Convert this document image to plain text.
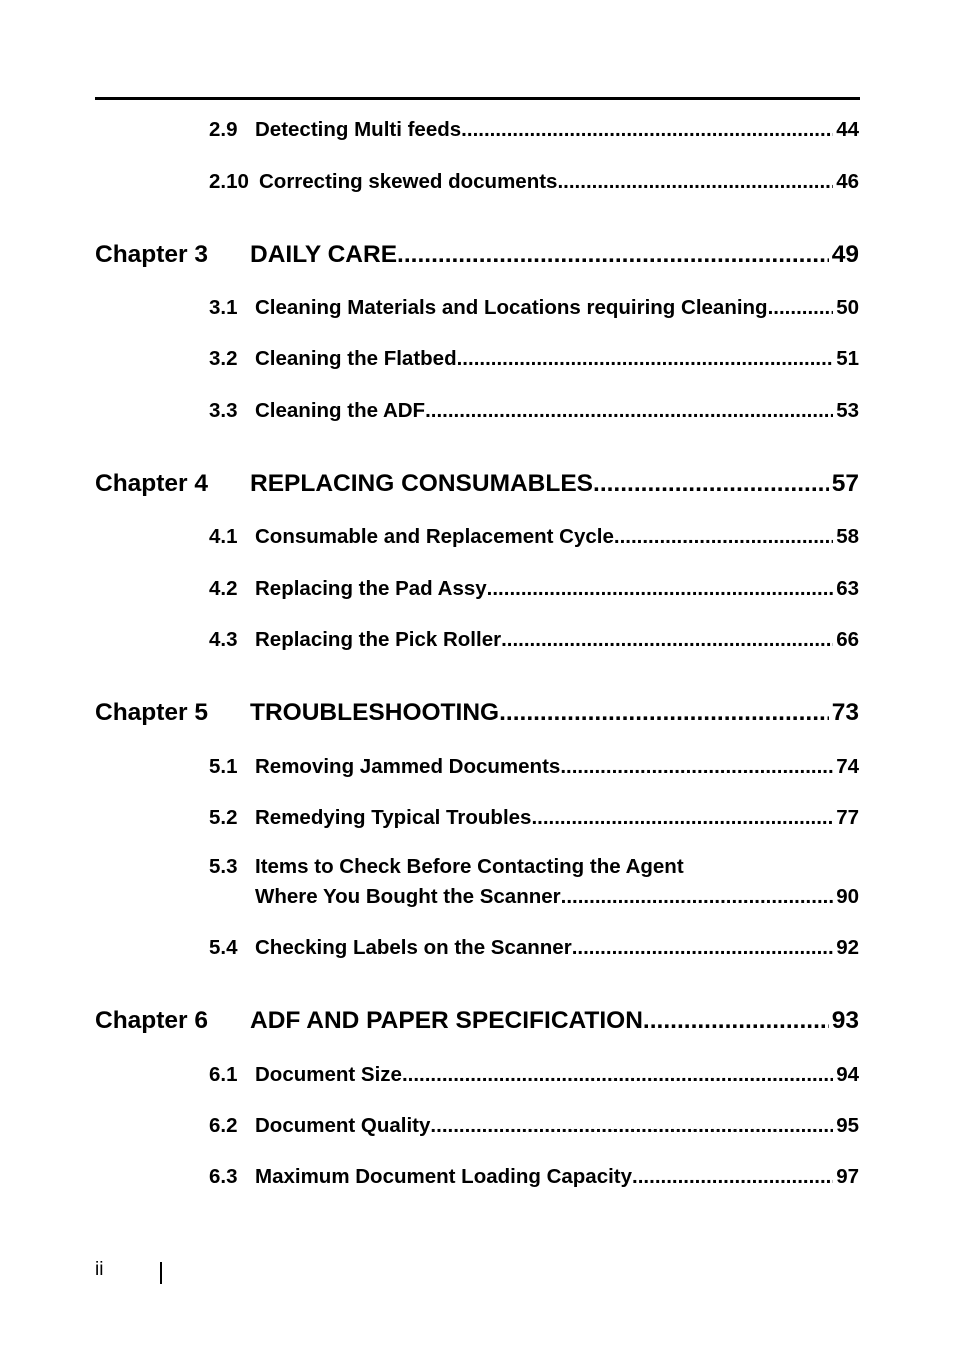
2.9 Detecting Multi feeds .....	44
2.10 Correcting skewed documents .....	46
Chapter 3	DAILY CARE .....	49
3.1 Cleaning Materials and Locations requiring Cleaning .....	50
3.2 Cleaning the Flatbed .....	51
3.3 Cleaning the ADF .....	53
Chapter 4	REPLACING CONSUMABLES .....	57
4.1 Consumable and Replacement Cycle .....	58
4.2 Replacing the Pad Assy .....	63
4.3 Replacing the Pick Roller .....	66
Chapter 5	TROUBLESHOOTING .....	73
5.1 Removing Jammed Documents .....	74
5.2 Remedying Typical Troubles .....	77
5.3 Items to Check Before Contacting the Agent
Where You Bought the Scanner .....	90
5.4 Checking Labels on the Scanner .....	92
Chapter 6	ADF AND PAPER SPECIFICATION .....	93
6.1 Document Size .....	94
6.2 Document Quality .....	95
6.3 Maximum Document Loading Capacity .....	97
ii
